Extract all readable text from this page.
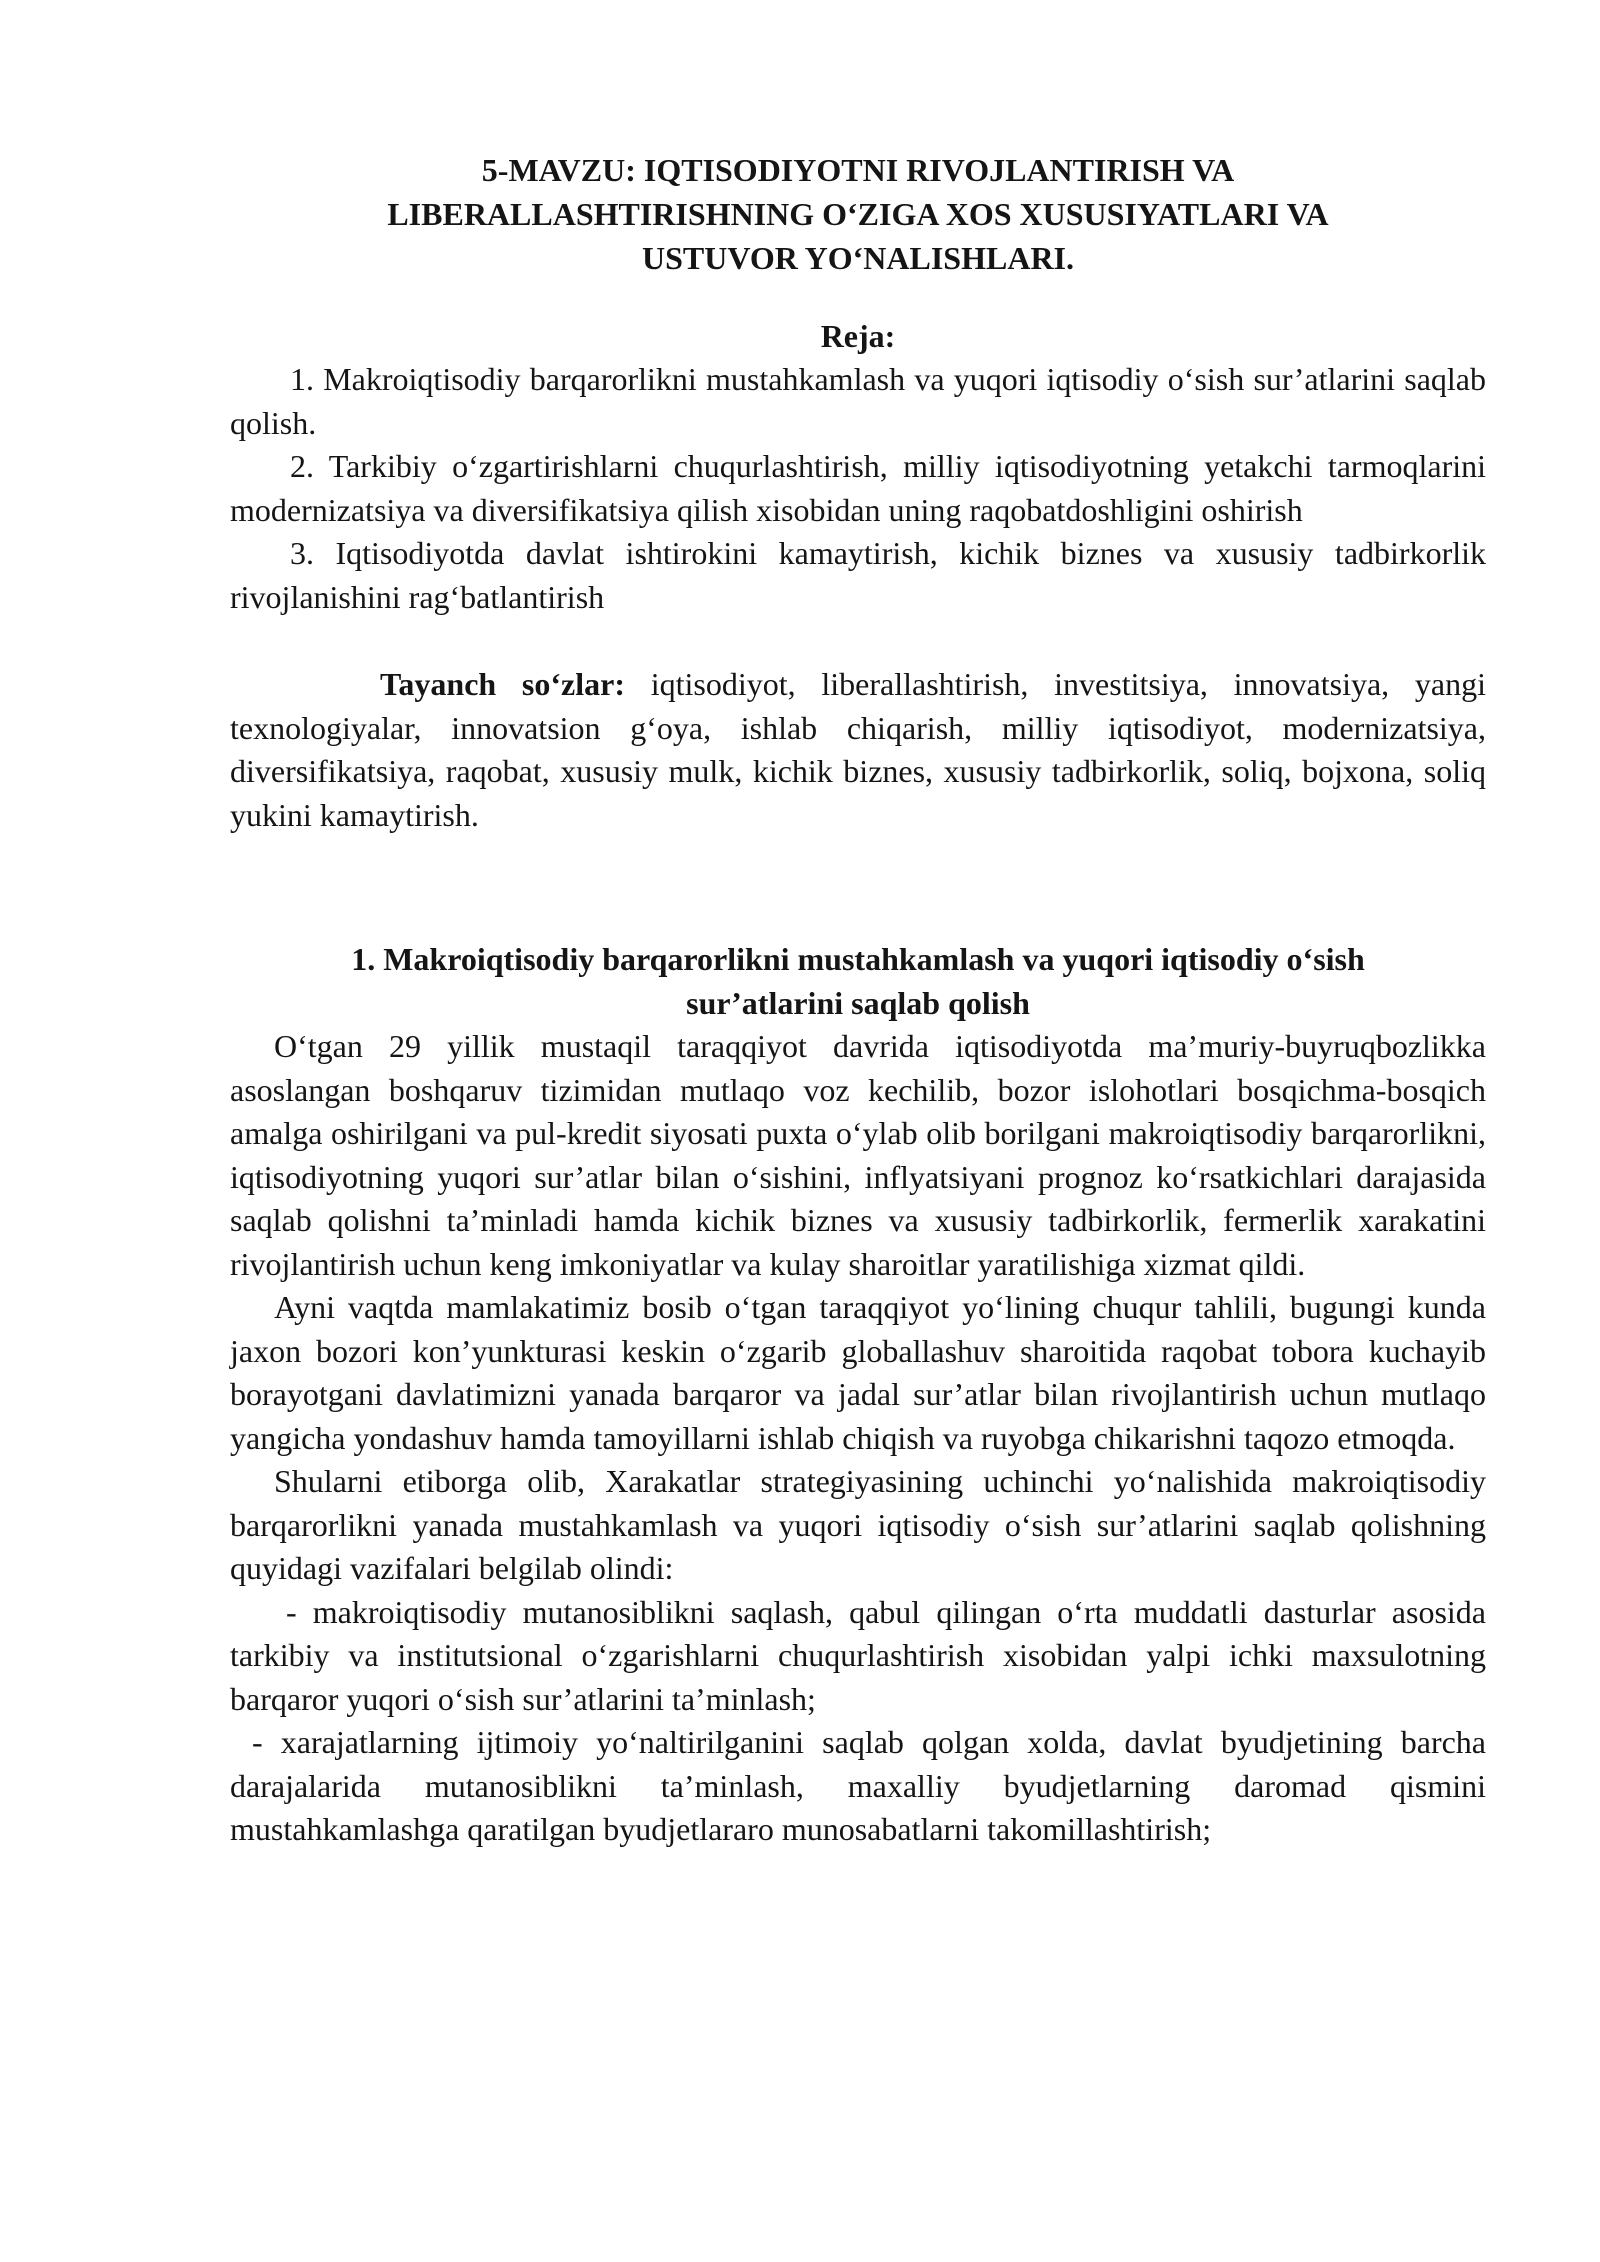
5-MAVZU: IQTISODIYOTNI RIVOJLANTIRISH VA
LIBERALLASHTIRISHNING O‘ZIGA XOS XUSUSIYATLARI VA
USTUVOR YO‘NALISHLARI.
Reja:

1. Makroiqtisodiy barqarorlikni mustahkamlash va yuqori iqtisodiy o‘sish sur’atlarini saqlab qolish.

2. Tarkibiy o‘zgartirishlarni chuqurlashtirish, milliy iqtisodiyotning yetakchi tarmoqlarini modernizatsiya va diversifikatsiya qilish xisobidan uning raqobatdoshligini oshirish

3. Iqtisodiyotda davlat ishtirokini kamaytirish, kichik biznes va xususiy tadbirkorlik rivojlanishini rag‘batlantirish

Tayanch so‘zlar: iqtisodiyot, liberallashtirish, investitsiya, innovatsiya, yangi texnologiyalar, innovatsion g‘oya, ishlab chiqarish, milliy iqtisodiyot, modernizatsiya, diversifikatsiya, raqobat, xususiy mulk, kichik biznes, xususiy tadbirkorlik, soliq, bojxona, soliq yukini kamaytirish.

1. Makroiqtisodiy barqarorlikni mustahkamlash va yuqori iqtisodiy o‘sish
sur’atlarini saqlab qolish

O‘tgan 29 yillik mustaqil taraqqiyot davrida iqtisodiyotda ma’muriy-buyruqbozlikka asoslangan boshqaruv tizimidan mutlaqo voz kechilib, bozor islohotlari bosqichma-bosqich amalga oshirilgani va pul-kredit siyosati puxta o‘ylab olib borilgani makroiqtisodiy barqarorlikni, iqtisodiyotning yuqori sur’atlar bilan o‘sishini, inflyatsiyani prognoz ko‘rsatkichlari darajasida saqlab qolishni ta’minladi hamda kichik biznes va xususiy tadbirkorlik, fermerlik xarakatini rivojlantirish uchun keng imkoniyatlar va kulay sharoitlar yaratilishiga xizmat qildi.

Ayni vaqtda mamlakatimiz bosib o‘tgan taraqqiyot yo‘lining chuqur tahlili, bugungi kunda jaxon bozori kon’yunkturasi keskin o‘zgarib globallashuv sharoitida raqobat tobora kuchayib borayotgani davlatimizni yanada barqaror va jadal sur’atlar bilan rivojlantirish uchun mutlaqo yangicha yondashuv hamda tamoyillarni ishlab chiqish va ruyobga chikarishni taqozo etmoqda.

Shularni etiborga olib, Xarakatlar strategiyasining uchinchi yo‘nalishida makroiqtisodiy barqarorlikni yanada mustahkamlash va yuqori iqtisodiy o‘sish sur’atlarini saqlab qolishning quyidagi vazifalari belgilab olindi:

- makroiqtisodiy mutanosiblikni saqlash, qabul qilingan o‘rta muddatli dasturlar asosida tarkibiy va institutsional o‘zgarishlarni chuqurlashtirish xisobidan yalpi ichki maxsulotning barqaror yuqori o‘sish sur’atlarini ta’minlash;

- xarajatlarning ijtimoiy yo‘naltirilganini saqlab qolgan xolda, davlat byudjetining barcha darajalarida mutanosiblikni ta’minlash, maxalliy byudjetlarning daromad qismini mustahkamlashga qaratilgan byudjetlararo munosabatlarni takomillashtirish;
